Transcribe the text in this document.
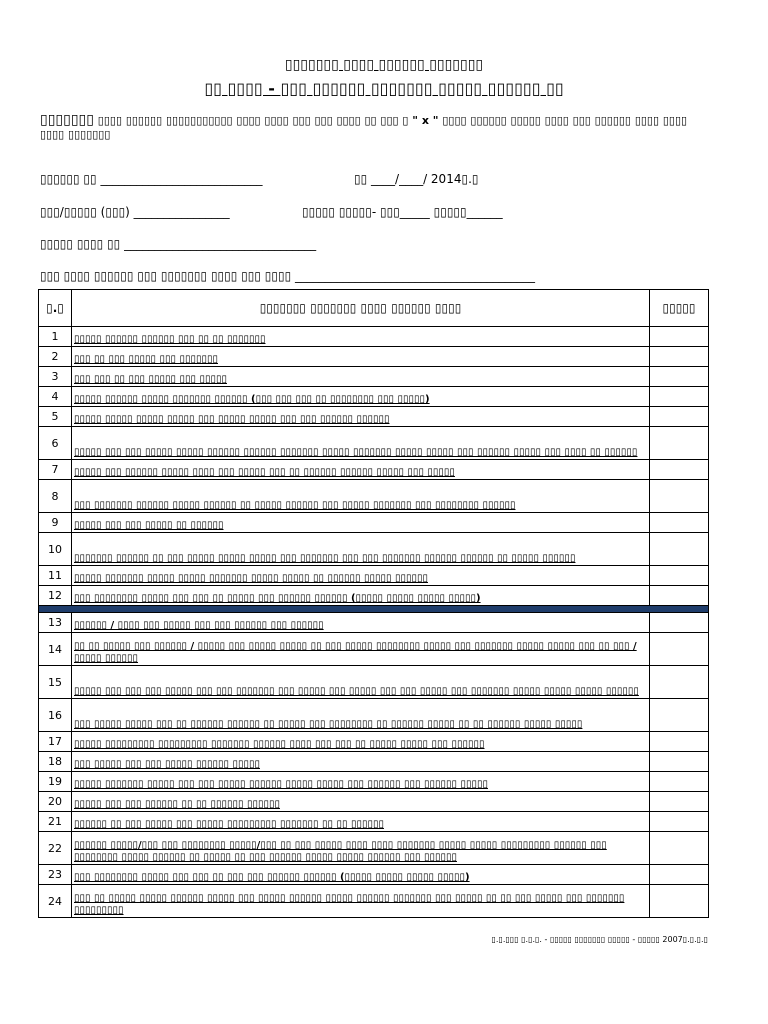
▯▯▯▯▯▯▯ ▯▯▯▯ ▯▯▯▯▯▯ ▯▯▯▯▯▯▯
▯▯ ▯▯▯▯ - ▯▯▯ ▯▯▯▯▯▯ ▯▯▯▯▯▯▯ ▯▯▯▯▯ ▯▯▯▯▯▯ ▯▯
▯▯▯▯▯▯▯ ▯▯▯▯ ▯▯▯▯▯▯ ▯▯▯▯▯▯▯▯▯▯▯ ▯▯▯▯ ▯▯▯▯ ▯▯▯ ▯▯▯ ▯▯▯▯ ▯▯ ▯▯▯ ▯ " x " ▯▯▯▯ ▯▯▯▯▯▯ ▯▯▯▯▯ ▯▯▯▯ ▯▯▯ ▯▯▯▯▯▯ ▯▯▯▯ ▯▯▯▯ ▯▯▯▯ ▯▯▯▯▯▯▯
▯▯▯▯▯▯ ▯▯ ___________________________	▯▯ ____/____/ 2014▯.▯
▯▯▯/▯▯▯▯▯ (▯▯▯) ________________	▯▯▯▯▯ ▯▯▯▯▯- ▯▯▯_____ ▯▯▯▯▯______
▯▯▯▯▯ ▯▯▯▯ ▯▯ ________________________________
▯▯▯ ▯▯▯▯ ▯▯▯▯▯▯ ▯▯▯ ▯▯▯▯▯▯▯ ▯▯▯▯ ▯▯▯ ▯▯▯▯ ________________________________________
▯.▯	▯▯▯▯▯▯▯ ▯▯▯▯▯▯▯ ▯▯▯▯ ▯▯▯▯▯▯ ▯▯▯▯	▯▯▯▯▯
1	▯▯▯▯▯ ▯▯▯▯▯▯ ▯▯▯▯▯▯ ▯▯▯ ▯▯ ▯▯ ▯▯▯▯▯▯▯	
2	▯▯▯ ▯▯ ▯▯▯ ▯▯▯▯▯ ▯▯▯ ▯▯▯▯▯▯▯	
3	▯▯▯ ▯▯▯ ▯▯ ▯▯▯ ▯▯▯▯▯ ▯▯▯ ▯▯▯▯▯	
4	▯▯▯▯▯ ▯▯▯▯▯▯ ▯▯▯▯▯ ▯▯▯▯▯▯▯ ▯▯▯▯▯▯ (▯▯▯ ▯▯▯ ▯▯▯ ▯▯ ▯▯▯▯▯▯▯▯ ▯▯▯ ▯▯▯▯▯)	
5	▯▯▯▯▯ ▯▯▯▯▯ ▯▯▯▯▯ ▯▯▯▯▯ ▯▯▯ ▯▯▯▯▯ ▯▯▯▯▯ ▯▯▯ ▯▯▯ ▯▯▯▯▯▯ ▯▯▯▯▯▯	
6	▯▯▯▯▯ ▯▯▯ ▯▯▯ ▯▯▯▯▯ ▯▯▯▯▯ ▯▯▯▯▯▯ ▯▯▯▯▯▯ ▯▯▯▯▯▯▯ ▯▯▯▯▯ ▯▯▯▯▯▯▯ ▯▯▯▯▯ ▯▯▯▯▯ ▯▯▯ ▯▯▯▯▯▯ ▯▯▯▯▯ ▯▯▯ ▯▯▯▯ ▯▯ ▯▯▯▯▯▯	
7	▯▯▯▯▯ ▯▯▯ ▯▯▯▯▯▯ ▯▯▯▯▯ ▯▯▯▯ ▯▯▯ ▯▯▯▯▯ ▯▯▯ ▯▯ ▯▯▯▯▯▯ ▯▯▯▯▯▯ ▯▯▯▯▯ ▯▯▯ ▯▯▯▯▯	
8	▯▯▯ ▯▯▯▯▯▯▯ ▯▯▯▯▯▯ ▯▯▯▯▯ ▯▯▯▯▯▯ ▯▯ ▯▯▯▯▯ ▯▯▯▯▯▯ ▯▯▯ ▯▯▯▯▯ ▯▯▯▯▯▯▯ ▯▯▯ ▯▯▯▯▯▯▯▯ ▯▯▯▯▯▯	
9	▯▯▯▯▯ ▯▯▯ ▯▯▯ ▯▯▯▯▯ ▯▯ ▯▯▯▯▯▯	
10	▯▯▯▯▯▯▯ ▯▯▯▯▯▯ ▯▯ ▯▯▯ ▯▯▯▯▯ ▯▯▯▯▯ ▯▯▯▯▯ ▯▯▯ ▯▯▯▯▯▯▯ ▯▯▯ ▯▯▯ ▯▯▯▯▯▯▯ ▯▯▯▯▯▯ ▯▯▯▯▯▯ ▯▯ ▯▯▯▯▯ ▯▯▯▯▯▯	
11	▯▯▯▯▯ ▯▯▯▯▯▯▯ ▯▯▯▯▯ ▯▯▯▯▯ ▯▯▯▯▯▯▯ ▯▯▯▯▯ ▯▯▯▯▯ ▯▯ ▯▯▯▯▯▯ ▯▯▯▯▯ ▯▯▯▯▯▯	
12	▯▯▯ ▯▯▯▯▯▯▯▯ ▯▯▯▯▯ ▯▯▯ ▯▯▯ ▯▯ ▯▯▯▯▯ ▯▯▯ ▯▯▯▯▯▯ ▯▯▯▯▯▯ (▯▯▯▯▯ ▯▯▯▯▯ ▯▯▯▯▯ ▯▯▯▯▯)	

13	▯▯▯▯▯▯ / ▯▯▯▯ ▯▯▯ ▯▯▯▯▯ ▯▯▯ ▯▯▯ ▯▯▯▯▯▯ ▯▯▯ ▯▯▯▯▯▯	
14	▯▯ ▯▯ ▯▯▯▯▯ ▯▯▯ ▯▯▯▯▯▯ / ▯▯▯▯▯ ▯▯▯ ▯▯▯▯▯ ▯▯▯▯▯ ▯▯ ▯▯▯ ▯▯▯▯▯ ▯▯▯▯▯▯▯▯ ▯▯▯▯▯ ▯▯▯ ▯▯▯▯▯▯▯ ▯▯▯▯▯ ▯▯▯▯▯ ▯▯▯ ▯▯ ▯▯▯ / ▯▯▯▯▯ ▯▯▯▯▯▯	
15	▯▯▯▯▯ ▯▯▯ ▯▯▯ ▯▯▯ ▯▯▯▯▯ ▯▯▯ ▯▯▯ ▯▯▯▯▯▯▯ ▯▯▯ ▯▯▯▯▯ ▯▯▯ ▯▯▯▯▯ ▯▯▯ ▯▯▯ ▯▯▯▯▯ ▯▯▯ ▯▯▯▯▯▯▯ ▯▯▯▯▯ ▯▯▯▯▯ ▯▯▯▯▯ ▯▯▯▯▯▯	
16	▯▯▯ ▯▯▯▯▯ ▯▯▯▯▯ ▯▯▯ ▯▯ ▯▯▯▯▯▯ ▯▯▯▯▯▯ ▯▯ ▯▯▯▯▯ ▯▯▯ ▯▯▯▯▯▯▯▯ ▯▯ ▯▯▯▯▯▯ ▯▯▯▯▯ ▯▯ ▯▯ ▯▯▯▯▯▯ ▯▯▯▯▯ ▯▯▯▯▯	
17	▯▯▯▯▯ ▯▯▯▯▯▯▯▯▯ ▯▯▯▯▯▯▯▯▯ ▯▯▯▯▯▯▯ ▯▯▯▯▯▯ ▯▯▯▯ ▯▯▯ ▯▯▯ ▯▯ ▯▯▯▯▯ ▯▯▯▯▯ ▯▯▯ ▯▯▯▯▯▯	
18	▯▯▯ ▯▯▯▯▯ ▯▯▯ ▯▯▯ ▯▯▯▯▯ ▯▯▯▯▯▯ ▯▯▯▯▯	
19	▯▯▯▯▯ ▯▯▯▯▯▯▯ ▯▯▯▯▯ ▯▯▯ ▯▯▯ ▯▯▯▯▯ ▯▯▯▯▯▯ ▯▯▯▯▯ ▯▯▯▯▯ ▯▯▯ ▯▯▯▯▯▯ ▯▯▯ ▯▯▯▯▯▯ ▯▯▯▯▯	
20	▯▯▯▯▯ ▯▯▯ ▯▯▯ ▯▯▯▯▯▯ ▯▯ ▯▯ ▯▯▯▯▯▯ ▯▯▯▯▯▯	
21	▯▯▯▯▯▯ ▯▯ ▯▯▯ ▯▯▯▯▯ ▯▯▯ ▯▯▯▯▯ ▯▯▯▯▯▯▯▯▯ ▯▯▯▯▯▯▯ ▯▯ ▯▯ ▯▯▯▯▯▯	
22	▯▯▯▯▯▯ ▯▯▯▯▯/▯▯▯ ▯▯▯ ▯▯▯▯▯▯▯▯ ▯▯▯▯▯/▯▯▯ ▯▯ ▯▯▯ ▯▯▯▯▯ ▯▯▯▯ ▯▯▯▯ ▯▯▯▯▯▯▯ ▯▯▯▯▯ ▯▯▯▯▯ ▯▯▯▯▯▯▯▯▯ ▯▯▯▯▯▯ ▯▯▯ ▯▯▯▯▯▯▯▯ ▯▯▯▯▯ ▯▯▯▯▯▯ ▯▯ ▯▯▯▯▯ ▯▯ ▯▯▯ ▯▯▯▯▯▯ ▯▯▯▯▯ ▯▯▯▯▯ ▯▯▯▯▯▯ ▯▯▯ ▯▯▯▯▯▯	
23	▯▯▯ ▯▯▯▯▯▯▯▯ ▯▯▯▯▯ ▯▯▯ ▯▯▯ ▯▯ ▯▯▯ ▯▯▯ ▯▯▯▯▯▯ ▯▯▯▯▯▯ (▯▯▯▯▯ ▯▯▯▯▯ ▯▯▯▯▯ ▯▯▯▯▯)	
24	▯▯▯ ▯▯ ▯▯▯▯▯ ▯▯▯▯▯ ▯▯▯▯▯▯ ▯▯▯▯▯ ▯▯▯ ▯▯▯▯▯ ▯▯▯▯▯▯ ▯▯▯▯▯ ▯▯▯▯▯▯ ▯▯▯▯▯▯▯ ▯▯▯ ▯▯▯▯▯ ▯▯ ▯▯ ▯▯▯ ▯▯▯▯▯ ▯▯▯ ▯▯▯▯▯▯▯ ▯▯▯▯▯▯▯▯▯	
▯.▯.▯▯▯ ▯.▯.▯. - ▯▯▯▯▯ ▯▯▯▯▯▯▯ ▯▯▯▯▯ - ▯▯▯▯▯ 2007▯.▯.▯.▯
